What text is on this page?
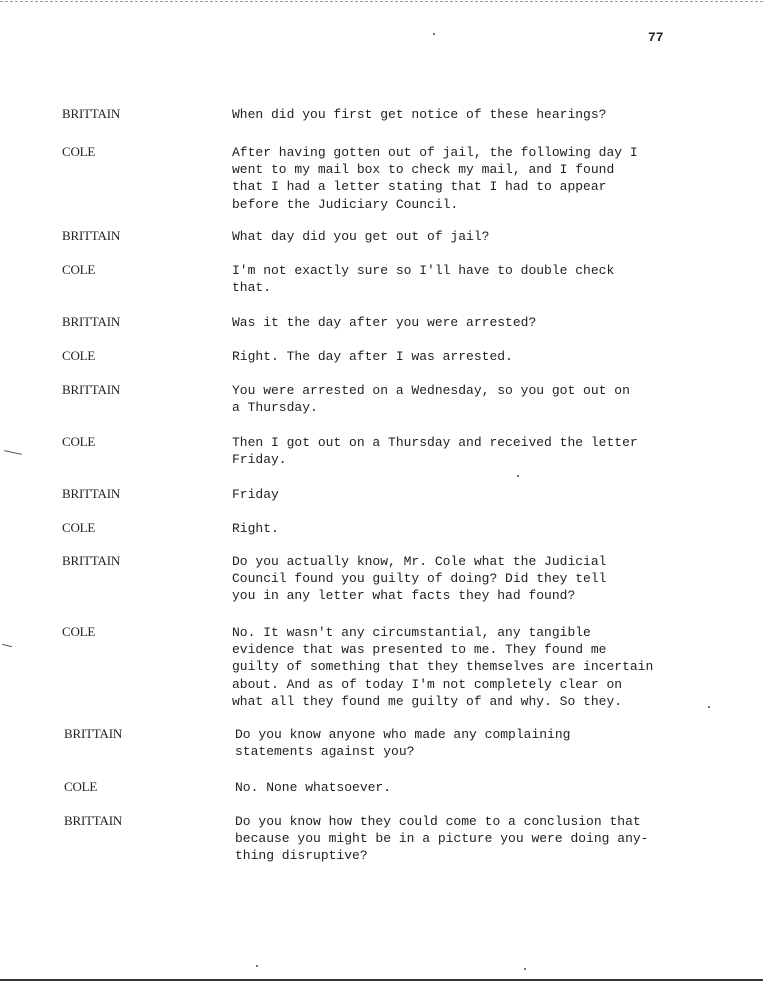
77
BRITTAIN	When did you first get notice of these hearings?
COLE	After having gotten out of jail, the following day I
went to my mail box to check my mail, and I found
that I had a letter stating that I had to appear
before the Judiciary Council.
BRITTAIN	What day did you get out of jail?
COLE	I'm not exactly sure so I'll have to double check
that.
BRITTAIN	Was it the day after you were arrested?
COLE	Right. The day after I was arrested.
BRITTAIN	You were arrested on a Wednesday, so you got out on
a Thursday.
COLE	Then I got out on a Thursday and received the letter
Friday.
BRITTAIN	Friday
COLE	Right.
BRITTAIN	Do you actually know, Mr. Cole what the Judicial
Council found you guilty of doing? Did they tell
you in any letter what facts they had found?
COLE	No. It wasn't any circumstantial, any tangible
evidence that was presented to me. They found me
guilty of something that they themselves are incertain
about. And as of today I'm not completely clear on
what all they found me guilty of and why. So they.
BRITTAIN	Do you know anyone who made any complaining
statements against you?
COLE	No. None whatsoever.
BRITTAIN	Do you know how they could come to a conclusion that
because you might be in a picture you were doing any-
thing disruptive?
